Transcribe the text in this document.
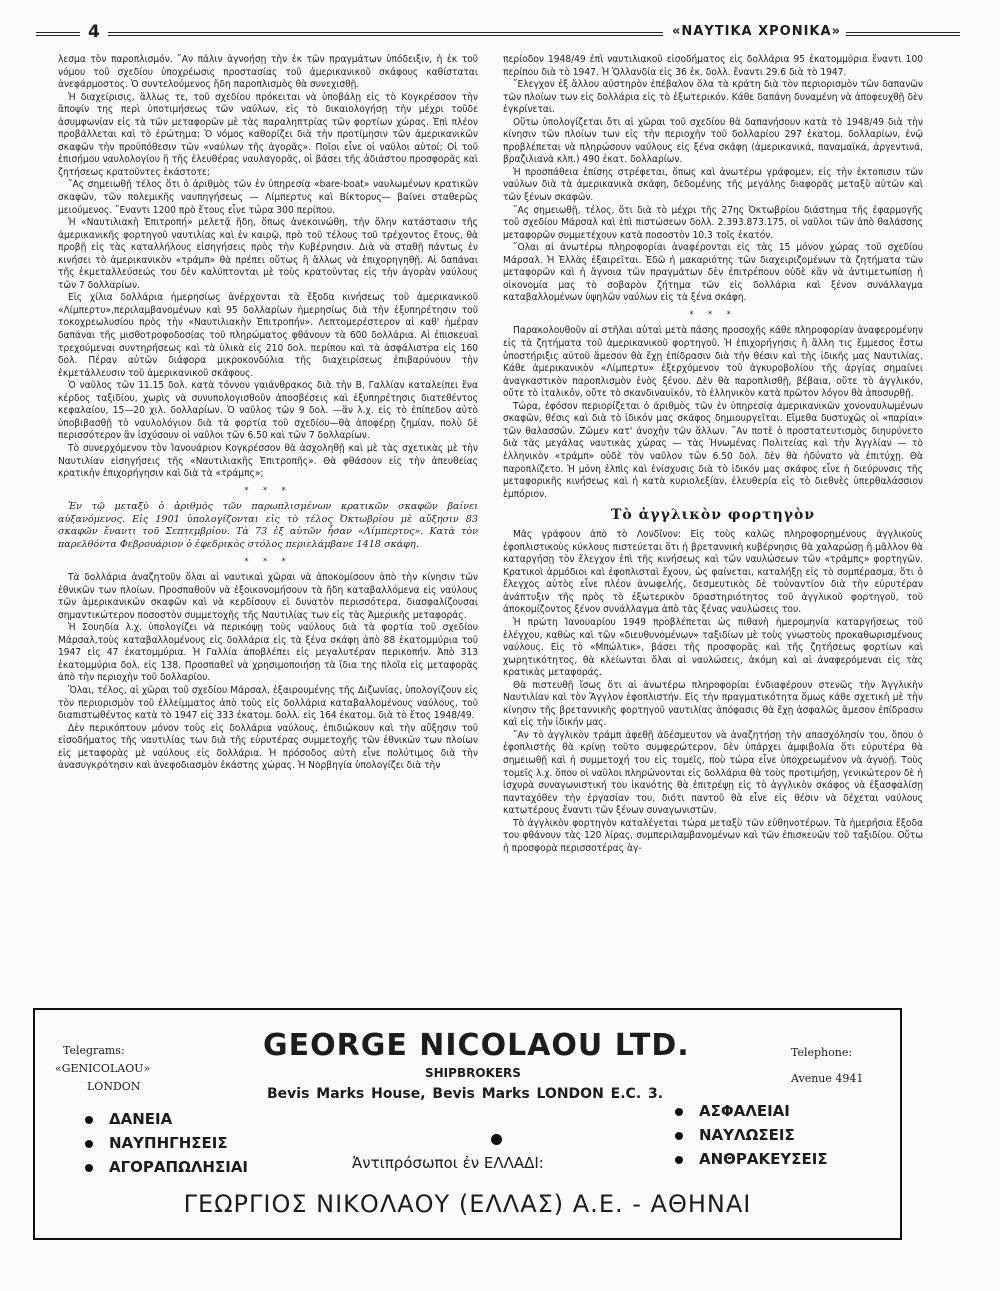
4	«ΝΑΥΤΙΚΑ ΧΡΟΝΙΚΑ»

λεσμα τὸν παροπλισμόν. ῎Αν πάλιν ἀγνοήσῃ τὴν ἐκ τῶν πραγμάτων ὑπόδειξιν, ἡ ἐκ τοῦ νόμου τοῦ σχεδίου ὑποχρέωσις προστασίας τοῦ ἀμερικανικοῦ σκάφους καθίσταται ἀνεφάρμοστος. Ὁ συντελούμενος ἤδη παροπλισμὸς θὰ συνεχισθῇ.

Ἡ διαχείρισις, ἄλλως τε, τοῦ σχεδίου πρόκειται νὰ ὑποβάλῃ εἰς τὸ Κογκρέσσον τὴν ἄποψίν της περὶ ὑποτιμήσεως τῶν ναύλων, εἰς τὸ δικαιολογήσῃ τὴν μέχρι τοῦδε ἀσυμφωνίαν εἰς τὰ τῶν μεταφορῶν μὲ τὰς παραληπτρίας τῶν φορτίων χώρας. Ἐπὶ πλέον προβάλλεται καὶ τὸ ἐρώτημα: Ὁ νόμος καθορίζει διὰ τὴν προτίμησιν τῶν ἀμερικανικῶν σκαφῶν τὴν προϋπόθεσιν τῶν «ναύλων τῆς ἀγορᾶς». Ποῖοι εἶνε οἱ ναῦλοι αὐτοί; Οἱ τοῦ ἐπισήμου ναυλολογίου ἢ τῆς ἐλευθέρας ναυλαγορᾶς, οἱ βάσει τῆς ἀδιάστου προσφορᾶς καὶ ζητήσεως κρατοῦντες ἑκάστοτε;

῎Ας σημειωθῇ τέλος ὅτι ὁ ἀριθμὸς τῶν ἐν ὑπηρεσίᾳ «bare-boat» ναυλωμένων κρατικῶν σκαφῶν, τῶν πολεμικῆς ναυπηγήσεως — Λίμπερτυς καὶ Βίκτορυς— βαίνει σταθερῶς μειούμενος. ῎Εναντι 1200 πρὸ ἔτους εἶνε τώρα 300 περίπου.

Ἡ «Ναυτιλιακὴ Ἐπιτροπή» μελετᾷ ἤδη, ὅπως ἀνεκοινώθη, τὴν ὅλην κατάστασιν τῆς ἀμερικανικῆς φορτηγοῦ ναυτιλίας καὶ ἐν καιρῷ, πρὸ τοῦ τέλους τοῦ τρέχοντος ἔτους, θὰ προβῇ εἰς τὰς καταλλήλους εἰσηγήσεις πρὸς τὴν Κυβέρνησιν. Διὰ νὰ σταθῇ πάντως ἐν κινήσει τὸ ἀμερικανικὸν «τράμπ» θὰ πρέπει οὕτως ἢ ἄλλως νὰ ἐπιχορηγηθῇ. Αἱ δαπάναι τῆς ἐκμεταλλεύσεώς του δὲν καλύπτονται μὲ τοὺς κρατοῦντας εἰς τὴν ἀγορὰν ναύλους τῶν 7 δολλαρίων.

Εἰς χίλια δολλάρια ἡμερησίως ἀνέρχονται τὰ ἔξοδα κινήσεως τοῦ ἀμερικανικοῦ «Λίμπερτυ»,περιλαμβανομένων καὶ 95 δολλαρίων ἡμερησίως διὰ τὴν ἐξυπηρέτησιν τοῦ τοκοχρεωλυσίου πρὸς τὴν «Ναυτιλιακὴν Ἐπιτροπήν». Λεπτομερέστερον αἱ καθ' ἡμέραν δαπάναι τῆς μισθοτροφοδοσίας τοῦ πληρώματος φθάνουν τὰ 600 δολλάρια. Αἱ ἐπισκευαὶ τρεχούμεναι συντηρήσεως καὶ τὰ ὑλικὰ εἰς 210 δολ. περίπου καὶ τὰ ἀσφάλιστρα εἰς 160 δολ. Πέραν αὐτῶν διάφορα μικροκονδύλια τῆς διαχειρίσεως ἐπιβαρύνουν τὴν ἐκμετάλλευσιν τοῦ ἀμερικανικοῦ σκάφους.

Ὁ ναῦλος τῶν 11.15 δολ. κατὰ τόννον γαιάνθρακος διὰ τὴν Β. Γαλλίαν καταλείπει ἕνα κέρδος ταξιδίου, χωρὶς νὰ συνυπολογισθοῦν ἀποσβέσεις καὶ ἐξυπηρέτησις διατεθέντος κεφαλαίου, 15—20 χιλ. δολλαρίων. Ὁ ναῦλος τῶν 9 δολ. —ἂν λ.χ. εἰς τὸ ἐπίπεδον αὐτὸ ὑποβιβασθῇ τὸ ναυλολόγιον διὰ τὰ φορτία τοῦ σχεδίου—θὰ ἀποφέρῃ ζημίαν, πολὺ δὲ περισσότερον ἂν ἰσχύσουν οἱ ναῦλοι τῶν 6.50 καὶ τῶν 7 δολλαρίων.

Τὸ συνερχόμενον τὸν Ἰανουάριον Κογκρέσσον θὰ ἀσχοληθῇ καὶ μὲ τὰς σχετικὰς μὲ τὴν Ναυτιλίαν εἰσηγήσεις τῆς «Ναυτιλιακῆς Ἐπιτροπῆς». Θὰ φθάσουν εἰς τὴν ἀπευθείας κρατικὴν ἐπιχορήγησιν καὶ διὰ τὰ «τράμπς»;

* * *

Ἐν τῷ μεταξὺ ὁ ἀριθμὸς τῶν παρωπλισμένων κρατικῶν σκαφῶν βαίνει αὐξανόμενος. Εἰς 1901 ὑπολογίζονται εἰς τὸ τέλος Ὀκτωβρίου μὲ αὔξησιν 83 σκαφῶν ἔναντι τοῦ Σεπτεμβρίου. Τὰ 73 ἐξ αὐτῶν ἦσαν «Λίμπερτυς». Κατὰ τὸν παρελθόντα Φεβρουάριον ὁ ἐφεδρικὸς στόλος περιελάμβανε 1418 σκάφη.

* * *

Τὰ δολλάρια ἀναζητοῦν ὅλαι αἱ ναυτικαὶ χῶραι νὰ ἀποκομίσουν ἀπὸ τὴν κίνησιν τῶν ἐθνικῶν των πλοίων. Προσπαθοῦν νὰ ἐξοικονομήσουν τὰ ἤδη καταβαλλόμενα εἰς ναύλους τῶν ἀμερικανικῶν σκαφῶν καὶ νὰ κερδίσουν εἰ δυνατὸν περισσότερα, διασφαλίζουσαι σημαντικώτερον ποσοστὸν συμμετοχῆς τῆς Ναυτιλίας των εἰς τὰς Ἀμερικῆς μεταφοράς.

Ἡ Σουηδία λ.χ. ὑπολογίζει νὰ περικόψῃ τοὺς ναύλους διὰ τὰ φορτία τοῦ σχεδίου Μάρσαλ,τοὺς καταβαλλομένους εἰς δολλάρια εἰς τὰ ξένα σκάφη ἀπὸ 88 ἑκατομμύρια τοῦ 1947 εἰς 47 ἑκατομμύρια. Ἡ Γαλλία ἀποβλέπει εἰς μεγαλυτέραν περικοπήν. Ἀπὸ 313 ἑκατομμύρια δολ. εἰς 138. Προσπαθεῖ νὰ χρησιμοποιήσῃ τὰ ἴδια της πλοῖα εἰς μεταφορὰς ἀπὸ τὴν περιοχὴν τοῦ δολλαρίου.

Ὅλαι, τέλος, αἱ χῶραι τοῦ σχεδίου Μάρσαλ, ἐξαιρουμένης τῆς Διζωνίας, ὑπολογίζουν εἰς τὸν περιορισμὸν τοῦ ἐλλείμματος ἀπὸ τοὺς εἰς δολλάρια καταβαλλομένους ναύλους, τοῦ διαπιστωθέντος κατὰ τὸ 1947 εἰς 333 ἑκατομ. δολλ. εἰς 164 ἑκατομ. διὰ τὸ ἔτος 1948/49.

Δὲν περικόπτουν μόνον τοὺς εἰς δολλάρια ναύλους, ἐπιδιώκουν καὶ τὴν αὔξησιν τοῦ εἰσοδήματος τῆς ναυτιλίας των διὰ τῆς εὐρυτέρας συμμετοχῆς τῶν ἐθνικῶν των πλοίων εἰς μεταφορὰς μὲ ναύλους εἰς δολλάρια. Ἡ πρόσοδος αὐτὴ εἶνε πολύτιμος διὰ τὴν ἀνασυγκρότησιν καὶ ἀνεφοδιασμὸν ἑκάστης χώρας. Ἡ Νορβηγία ὑπολογίζει διὰ τὴν

περίοδον 1948/49 ἐπὶ ναυτιλιακοῦ εἰσοδήματος εἰς δολλάρια 95 ἑκατομμύρια ἔναντι 100 περίπου διὰ τὸ 1947. Ἡ Ὁλλανδία εἰς 36 ἑκ. δολλ. ἔναντι 29.6 διὰ τὸ 1947.

῎Ελεγχον ἐξ ἄλλου αὐστηρὸν ἐπέβαλον ὅλα τὰ κράτη διὰ τὸν περιορισμὸν τῶν δαπανῶν τῶν πλοίων των εἰς δολλάρια εἰς τὸ ἐξωτερικόν. Κάθε δαπάνη δυναμένη νὰ ἀποφευχθῇ δὲν ἐγκρίνεται.

Οὕτω ὑπολογίζεται ὅτι αἱ χῶραι τοῦ σχεδίου θὰ δαπανήσουν κατὰ τὸ 1948/49 διὰ τὴν κίνησιν τῶν πλοίων των εἰς τὴν περιοχὴν τοῦ δολλαρίου 297 ἑκατομ. δολλαρίων, ἐνῷ προβλέπεται νὰ πληρώσουν ναύλους εἰς ξένα σκάφη (ἀμερικανικά, παναμαϊκά, ἀργεντινά, βραζιλιανὰ κλπ.) 490 ἑκατ. δολλαρίων.

Ἡ προσπάθεια ἐπίσης στρέφεται, ὅπως καὶ ἀνωτέρω γράφομεν, εἰς τὴν ἐκτοπισιν τῶν ναύλων διὰ τὰ ἀμερικανικὰ σκάφη, δεδομένης τῆς μεγάλης διαφορᾶς μεταξὺ αὐτῶν καὶ τῶν ξένων σκαφῶν.

῞Ας σημειωθῇ, τέλος, ὅτι διὰ τὸ μέχρι τῆς 27ης Ὀκτωβρίου διάστημα τῆς ἐφαρμογῆς τοῦ σχεδίου Μάρσαλ καὶ ἐπὶ πιστώσεων δολλ. 2.393.873.175, οἱ ναῦλοι τῶν ἀπὸ θαλάσσης μεταφορῶν συμμετέχουν κατὰ ποσοστὸν 10.3 τοῖς ἑκατόν.

῞Ολαι αἱ ἀνωτέρω πληροφορίαι ἀναφέρονται εἰς τὰς 15 μόνον χώρας τοῦ σχεδίου Μάρσαλ. Ἡ Ἑλλὰς ἐξαιρεῖται. Ἐδῶ ἡ μακαριότης τῶν διαχειριζομένων τὰ ζητήματα τῶν μεταφορῶν καὶ ἡ ἄγνοια τῶν πραγμάτων δὲν ἐπιτρέπουν οὐδὲ κἂν νὰ ἀντιμετωπίσῃ ἡ οἰκονομία μας τὸ σοβαρὸν ζήτημα τῶν εἰς δολλάρια καὶ ξένον συνάλλαγμα καταβαλλομένων ὑψηλῶν ναύλων εἰς τὰ ξένα σκάφη.

* * *

Παρακολουθοῦν αἱ στῆλαι αὐταὶ μετὰ πάσης προσοχῆς κάθε πληροφορίαν ἀναφερομένην εἰς τὰ ζητήματα τοῦ ἀμερικανικοῦ φορτηγοῦ. Ἡ ἐπιχορήγησις ἢ ἄλλη τις ἔμμεσος ἔστω ὑποστήριξις αὐτοῦ ἄμεσον θὰ ἔχῃ ἐπίδρασιν διὰ τὴν θέσιν καὶ τὴς ἰδικῆς μας Ναυτιλίας. Κάθε ἀμερικανικὸν «Λίμπερτυ» ἐξερχόμενον τοῦ ἀγκυροβολίου τῆς ἀργίας σημαίνει ἀναγκαστικὸν παροπλισμὸν ἑνὸς ξένου. Δὲν θὰ παροπλισθῇ, βέβαια, οὔτε τὸ ἀγγλικόν, οὔτε τὸ ἰταλικόν, οὔτε τὸ σκανδιναυϊκόν, τὸ ἑλληνικὸν κατὰ πρῶτον λόγον θὰ ἀποσυρθῇ.

Τώρα, ἐφόσον περιορίζεται ὁ ἀριθμὸς τῶν ἐν ὑπηρεσίᾳ ἀμερικανικῶν χονοναυλωμένων σκαφῶν, θέσις καὶ διὰ τὸ ἰδικόν μας σκάφος δημιουργεῖται. Εἴμεθα δυστυχῶς οἱ «παρίαι» τῶν θαλασσῶν. Ζῶμεν κατ' ἀνοχὴν τῶν ἄλλων. ῎Αν ποτὲ ὁ προστατευτισμὸς διηυρύνετο διὰ τὰς μεγάλας ναυτικὰς χώρας — τὰς Ἡνωμένας Πολιτείας καὶ τὴν Ἀγγλίαν — τὸ ἑλληνικὸν «τράμπ» οὐδὲ τὸν ναῦλον τῶν 6.50 δολ. δὲν θὰ ἠδύνατο νὰ ἐπιτύχῃ. Θὰ παροπλίζετο. Ἡ μόνη ἐλπὶς καὶ ἐνίσχυσις διὰ τὸ ἰδικόν μας σκάφος εἶνε ἡ διεύρυνσις τῆς μεταφορικῆς κινήσεως καὶ ἡ κατὰ κυριολεξίαν, ἐλευθερία εἰς τὸ διεθνὲς ὑπερθαλάσσιον ἐμπόριον.

Τὸ ἀγγλικὸν φορτηγὸν

Μᾶς γράφουν ἀπὸ τὸ Λονδῖνον: Εἰς τοὺς καλῶς πληροφορημένους ἀγγλικοὺς ἐφοπλιστικοὺς κύκλους πιστεύεται ὅτι ἡ βρεταννικὴ κυβέρνησις θὰ χαλαρώσῃ ἢ μᾶλλον θὰ καταργήσῃ τὸν ἔλεγχον ἐπὶ τῆς κινήσεως καὶ τῶν ναυλώσεων τῶν «τράμπς» φορτηγῶν. Κρατικοὶ ἁρμόδιοι καὶ ἐφοπλισταὶ ἔχουν, ὡς φαίνεται, καταλήξῃ εἰς τὸ συμπέρασμα, ὅτι ὁ ἔλεγχος αὐτὸς εἶνε πλέον ἀνωφελής, δεσμευτικὸς δὲ τοὐναντίον διὰ τὴν εὐρυτέραν ἀνάπτυξιν τῆς πρὸς τὸ ἐξωτερικὸν δραστηριότητος τοῦ ἀγγλικοῦ φορτηγοῦ, τοῦ ἀποκομίζοντος ξένον συνάλλαγμα ἀπὸ τὰς ξένας ναυλώσεις του.

Ἡ πρώτη Ἰανουαρίου 1949 προβλέπεται ὡς πιθανὴ ἡμερομηνία καταργήσεως τοῦ ἐλέγχου, καθὼς καὶ τῶν «διευθυνομένων» ταξιδίων μὲ τοὺς γνωστοὺς προκαθωρισμένους ναύλους. Εἰς τὸ «Μπώλτικ», βάσει τῆς προσφορᾶς καὶ τῆς ζητήσεως φορτίων καὶ χωρητικότητος, θὰ κλείωνται ὅλαι αἱ ναυλώσεις, ἀκόμη καὶ αἱ ἀναφερόμεναι εἰς τὰς κρατικὰς μεταφοράς.

Θὰ πιστευθῇ ἴσως ὅτι αἱ ἀνωτέρω πληροφορίαι ἐνδιαφέρουν στενῶς τὴν Ἀγγλικὴν Ναυτιλίαν καὶ τὸν Ἄγγλον ἐφοπλιστήν. Εἰς τὴν πραγματικότητα ὅμως κάθε σχετικὴ μὲ τὴν κίνησιν τῆς βρεταννικῆς φορτηγοῦ ναυτιλίας ἀπόφασις θὰ ἔχῃ ἀσφαλῶς ἄμεσον ἐπίδρασιν καὶ εἰς τὴν ἰδικήν μας.

῎Αν τὸ ἀγγλικὸν τράμπ ἀφεθῇ ἀδέσμευτον νὰ ἀναζητήσῃ τὴν απασχόλησίν του, ὅπου ὁ ἐφοπλιστὴς θὰ κρίνῃ τοῦτο συμφερώτερον, δὲν ὑπάρχει ἀμφιβολία ὅτι εὐρυτέρα θὰ σημειωθῇ καὶ ἡ συμμετοχή του εἰς τομεῖς, ποὺ τώρα εἶνε ὑποχρεωμένον νὰ ἀγνοῇ. Τοὺς τομεῖς λ.χ. ὅπου οἱ ναῦλοι πληρώνονται εἰς δολλάρια θὰ τοὺς προτιμήσῃ, γενικώτερον δὲ ἡ ἰσχυρὰ συναγωνιστική του ἱκανότης θὰ ἐπιτρέψῃ εἰς τὸ ἀγγλικὸν σκάφος νὰ ἐξασφαλίσῃ πανταχόθεν τὴν ἐργασίαν του, διότι παντοῦ θὰ εἶνε εἰς θέσιν νὰ δέχεται ναύλους κατωτέρους ἔναντι τῶν ξένων συναγωνιστῶν.

Τὸ ἀγγλικὸν φορτηγὸν καταλέγεται τώρα μεταξὺ τῶν εὐθηνοτέρων. Τὰ ἡμερήσια ἔξοδα του φθάνουν τὰς 120 λίρας, συμπεριλαμβανομένων καὶ τῶν ἐπισκευῶν τοῦ ταξιδίου. Οὕτω ἡ προσφορὰ περισσοτέρας ἀγ-

Telegrams:
«GENICOLAOU»
LONDON
GEORGE NICOLAOU LTD.
SHIPBROKERS
Bevis Marks House, Bevis Marks LONDON E.C. 3.
Telephone:
Avenue 4941
ΔΑΝΕΙΑ
ΝΑΥΠΗΓΗΣΕΙΣ
ΑΓΟΡΑΠΩΛΗΣΙΑΙ	Ἀντιπρόσωποι ἐν ΕΛΛΑΔΙ:
ΑΣΦΑΛΕΙΑΙ
ΝΑΥΛΩΣΕΙΣ
ΑΝΘΡΑΚΕΥΣΕΙΣ
ΓΕΩΡΓΙΟΣ ΝΙΚΟΛΑΟΥ (ΕΛΛΑΣ) Α.Ε. - ΑΘΗΝΑΙ
